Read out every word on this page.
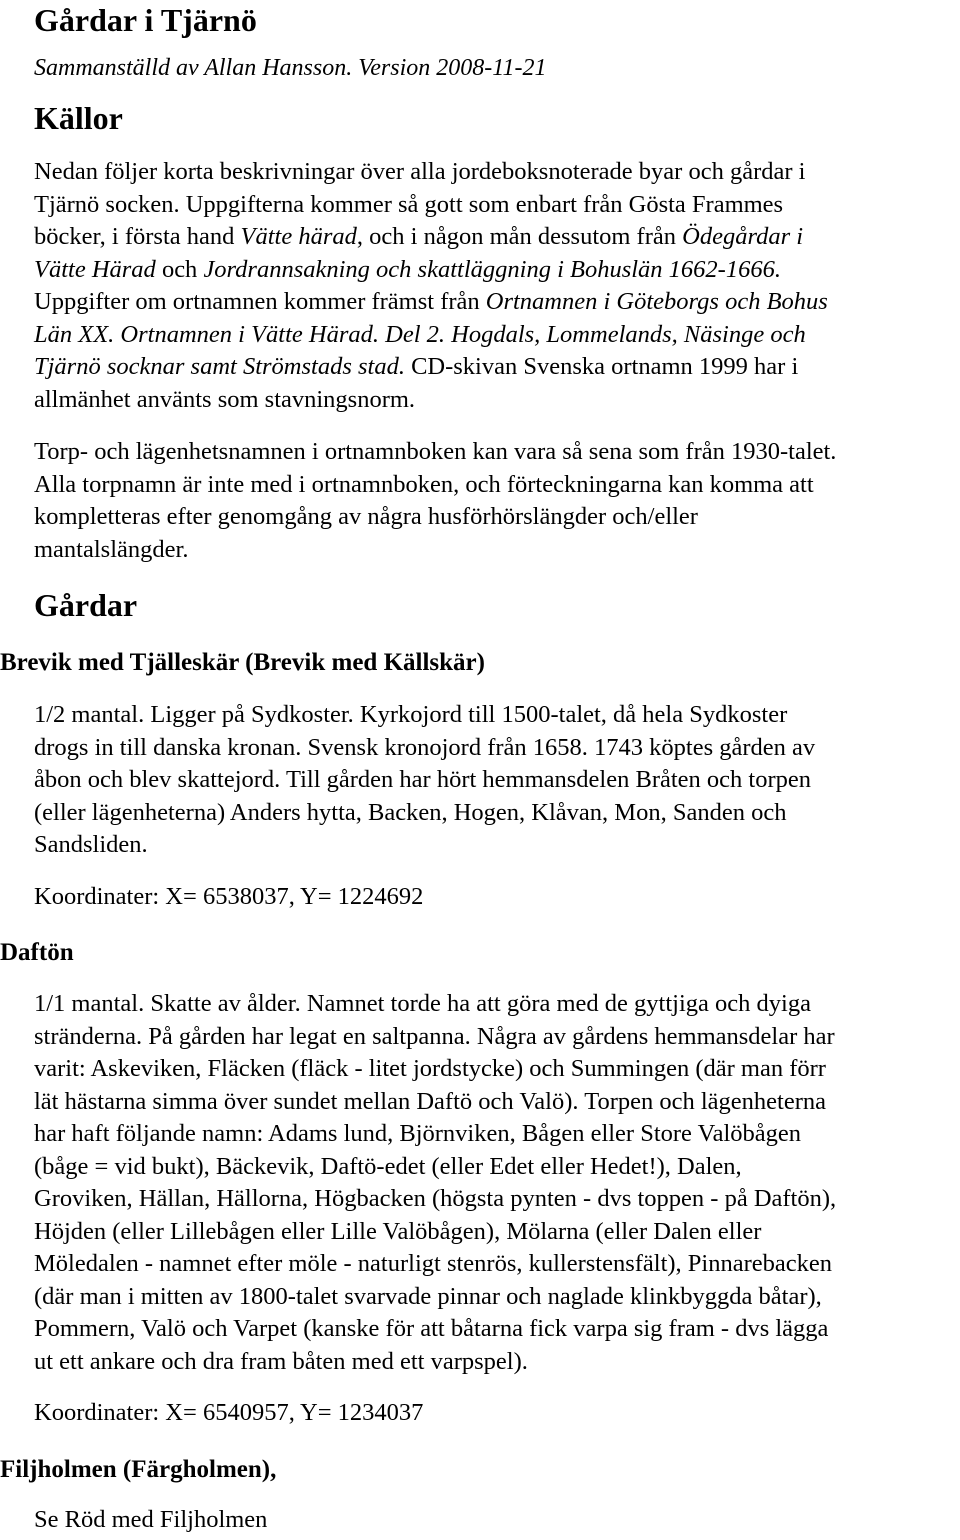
Gårdar i Tjärnö
Sammanställd av Allan Hansson. Version 2008-11-21
Källor
Nedan följer korta beskrivningar över alla jordeboksnoterade byar och gårdar i
Tjärnö socken. Uppgifterna kommer så gott som enbart från Gösta Frammes
böcker, i första hand Vätte härad, och i någon mån dessutom från Ödegårdar i
Vätte Härad och Jordrannsakning och skattläggning i Bohuslän 1662-1666.
Uppgifter om ortnamnen kommer främst från Ortnamnen i Göteborgs och Bohus
Län XX. Ortnamnen i Vätte Härad. Del 2. Hogdals, Lommelands, Näsinge och
Tjärnö socknar samt Strömstads stad. CD-skivan Svenska ortnamn 1999 har i
allmänhet använts som stavningsnorm.
Torp- och lägenhetsnamnen i ortnamnboken kan vara så sena som från 1930-talet.
Alla torpnamn är inte med i ortnamnboken, och förteckningarna kan komma att
kompletteras efter genomgång av några husförhörslängder och/eller
mantalslängder.
Gårdar
Brevik med Tjälleskär (Brevik med Källskär)
1/2 mantal. Ligger på Sydkoster. Kyrkojord till 1500-talet, då hela Sydkoster
drogs in till danska kronan. Svensk kronojord från 1658. 1743 köptes gården av
åbon och blev skattejord. Till gården har hört hemmansdelen Bråten och torpen
(eller lägenheterna) Anders hytta, Backen, Hogen, Klåvan, Mon, Sanden och
Sandsliden.
Koordinater: X= 6538037, Y= 1224692
Daftön
1/1 mantal. Skatte av ålder. Namnet torde ha att göra med de gyttjiga och dyiga
stränderna. På gården har legat en saltpanna. Några av gårdens hemmansdelar har
varit: Askeviken, Fläcken (fläck - litet jordstycke) och Summingen (där man förr
lät hästarna simma över sundet mellan Daftö och Valö). Torpen och lägenheterna
har haft följande namn: Adams lund, Björnviken, Bågen eller Store Valöbågen
(båge = vid bukt), Bäckevik, Daftö-edet (eller Edet eller Hedet!), Dalen,
Groviken, Hällan, Hällorna, Högbacken (högsta pynten - dvs toppen - på Daftön),
Höjden (eller Lillebågen eller Lille Valöbågen), Mölarna (eller Dalen eller
Möledalen - namnet efter möle - naturligt stenrös, kullerstensfält), Pinnarebacken
(där man i mitten av 1800-talet svarvade pinnar och naglade klinkbyggda båtar),
Pommern, Valö och Varpet (kanske för att båtarna fick varpa sig fram - dvs lägga
ut ett ankare och dra fram båten med ett varpspel).
Koordinater: X= 6540957, Y= 1234037
Filjholmen (Färgholmen),
Se Röd med Filjholmen
